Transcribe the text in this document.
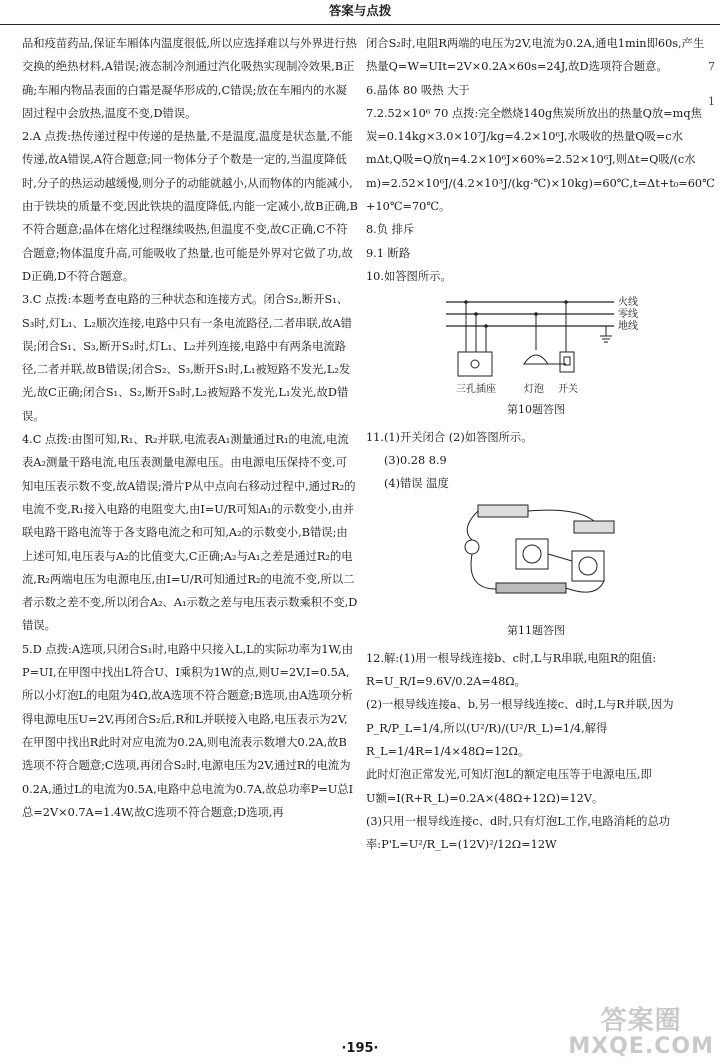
答案与点拨

品和疫苗药品,保证车厢体内温度很低,所以应选择难以与外界进行热交换的绝热材料,A错误;液态制冷剂通过汽化吸热实现制冷效果,B正确;车厢内物品表面的白霜是凝华形成的,C错误;放在车厢内的水凝固过程中会放热,温度不变,D错误。

2.A 点拨:热传递过程中传递的是热量,不是温度,温度是状态量,不能传递,故A错误,A符合题意;同一物体分子个数是一定的,当温度降低时,分子的热运动越缓慢,则分子的动能就越小,从而物体的内能减小,由于铁块的质量不变,因此铁块的温度降低,内能一定减小,故B正确,B不符合题意;晶体在熔化过程继续吸热,但温度不变,故C正确,C不符合题意;物体温度升高,可能吸收了热量,也可能是外界对它做了功,故D正确,D不符合题意。

3.C 点拨:本题考查电路的三种状态和连接方式。闭合S₂,断开S₁、S₃时,灯L₁、L₂顺次连接,电路中只有一条电流路径,二者串联,故A错误;闭合S₁、S₃,断开S₂时,灯L₁、L₂并列连接,电路中有两条电流路径,二者并联,故B错误;闭合S₂、S₃,断开S₁时,L₁被短路不发光,L₂发光,故C正确;闭合S₁、S₂,断开S₃时,L₂被短路不发光,L₁发光,故D错误。

4.C 点拨:由图可知,R₁、R₂并联,电流表A₁测量通过R₁的电流,电流表A₂测量干路电流,电压表测量电源电压。由电源电压保持不变,可知电压表示数不变,故A错误;滑片P从中点向右移动过程中,通过R₂的电流不变,R₁接入电路的电阻变大,由I=U/R可知A₁的示数变小,由并联电路干路电流等于各支路电流之和可知,A₂的示数变小,B错误;由上述可知,电压表与A₂的比值变大,C正确;A₂与A₁之差是通过R₂的电流,R₂两端电压为电源电压,由I=U/R可知通过R₂的电流不变,所以二者示数之差不变,所以闭合A₂、A₁示数之差与电压表示数乘积不变,D错误。

5.D 点拨:A选项,只闭合S₁时,电路中只接入L,L的实际功率为1W,由P=UI,在甲图中找出L符合U、I乘积为1W的点,则U=2V,I=0.5A,所以小灯泡L的电阻为4Ω,故A选项不符合题意;B选项,由A选项分析得电源电压U=2V,再闭合S₂后,R和L并联接入电路,电压表示为2V,在甲图中找出R此时对应电流为0.2A,则电流表示数增大0.2A,故B选项不符合题意;C选项,再闭合S₂时,电源电压为2V,通过R的电流为0.2A,通过L的电流为0.5A,电路中总电流为0.7A,故总功率P=U总I总=2V×0.7A=1.4W,故C选项不符合题意;D选项,再

闭合S₂时,电阻R两端的电压为2V,电流为0.2A,通电1min即60s,产生热量Q=W=UIt=2V×0.2A×60s=24J,故D选项符合题意。

6.晶体 80 吸热 大于

7.2.52×10⁶ 70 点拨:完全燃烧140g焦炭所放出的热量Q放=mq焦炭=0.14kg×3.0×10⁷J/kg=4.2×10⁶J,水吸收的热量Q吸=c水mΔt,Q吸=Q放η=4.2×10⁶J×60%=2.52×10⁶J,则Δt=Q吸/(c水m)=2.52×10⁶J/(4.2×10³J/(kg·℃)×10kg)=60℃,t=Δt+t₀=60℃+10℃=70℃。

8.负 排斥

9.1 断路

10.如答图所示。

火线
零线
地线
三孔插座	灯泡 开关
第10题答图

11.(1)开关闭合 (2)如答图所示。

(3)0.28 8.9

(4)错误 温度

第11题答图

12.解:(1)用一根导线连接b、c时,L与R串联,电阻R的阻值:

R=U_R/I=9.6V/0.2A=48Ω。

(2)一根导线连接a、b,另一根导线连接c、d时,L与R并联,因为

P_R/P_L=1/4,所以(U²/R)/(U²/R_L)=1/4,解得R_L=1/4R=1/4×48Ω=12Ω。

此时灯泡正常发光,可知灯泡L的额定电压等于电源电压,即

U额=I(R+R_L)=0.2A×(48Ω+12Ω)=12V。

(3)只用一根导线连接c、d时,只有灯泡L工作,电路消耗的总功率:P'L=U²/R_L=(12V)²/12Ω=12W

7
1
·195·
答案圈
MXQE.COM
